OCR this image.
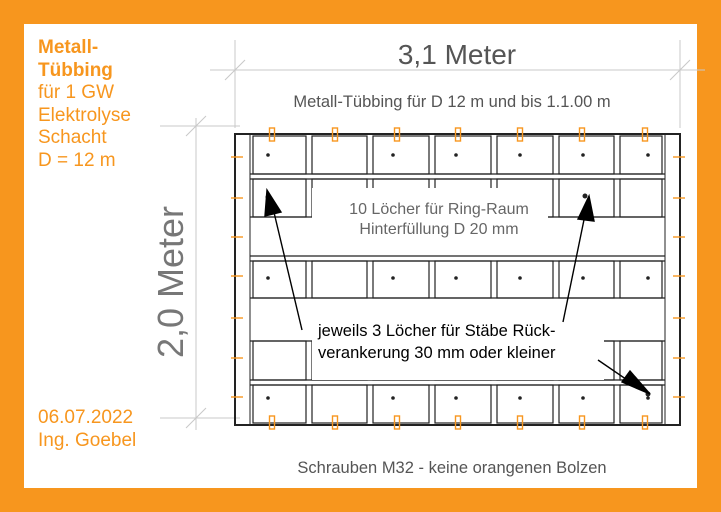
3,1 Meter
Metall-Tübbing für D 12 m und bis 1.1.00 m
2,0 Meter	10 Löcher für Ring-Raum
Hinterfüllung D 20 mm
jeweils 3 Löcher für Stäbe Rück-
verankerung 30 mm oder kleiner
Schrauben M32 - keine orangenen Bolzen
Metall-
Tübbing
für 1 GW
Elektrolyse
Schacht
D = 12 m
06.07.2022
Ing. Goebel
